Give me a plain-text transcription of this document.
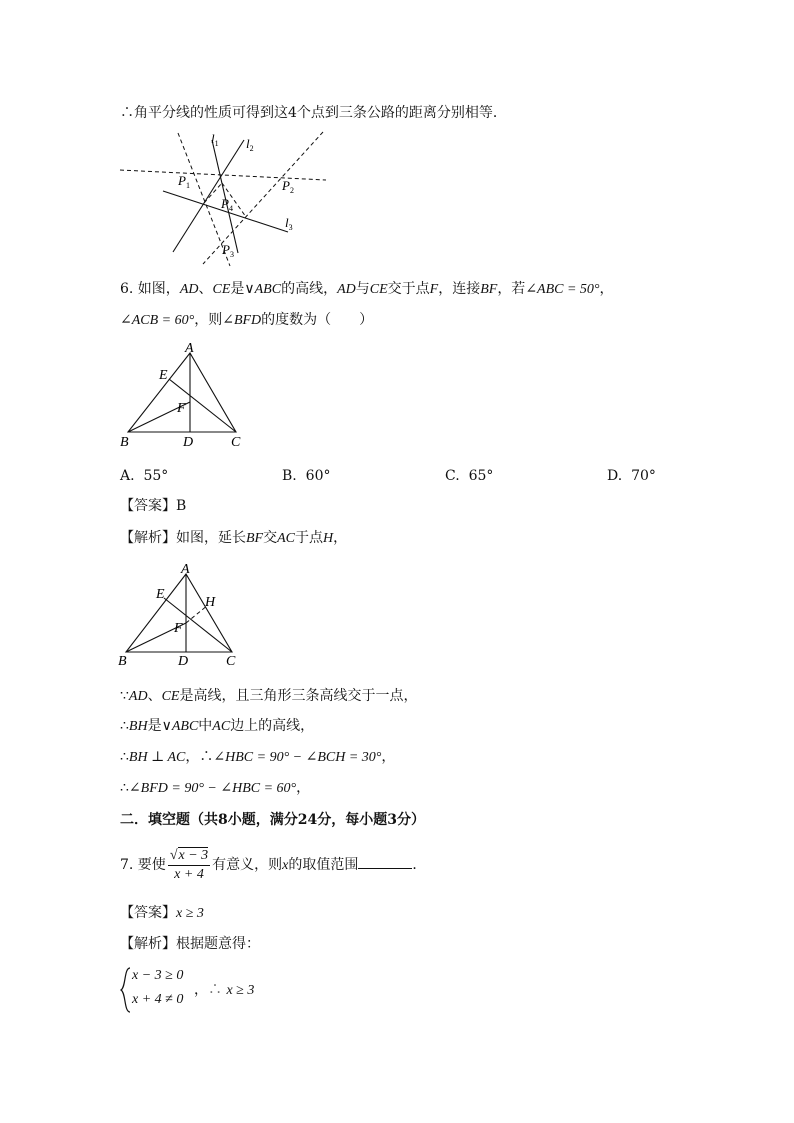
∴角平分线的性质可得到这4个点到三条公路的距离分别相等．
$l_1$ $l_2$
$l_3$
$P_1$	$P_2$
$P_3$
$P_4$
6. 如图，AD、CE是∨ABC的高线，AD与CE交于点F，连接BF，若∠ABC = 50°，
∠ACB = 60°，则∠BFD的度数为（　　）
A
B	C
D
E
F
A. 55°	B. 60°	C. 65°	D. 70°
【答案】B
【解析】如图，延长BF交AC于点H，
A
B	C
D
E
F
H
∵AD、CE是高线，且三角形三条高线交于一点，
∴BH是∨ABC中AC边上的高线，
∴BH ⊥ AC，∴∠HBC = 90° − ∠BCH = 30°，
∴∠BFD = 90° − ∠HBC = 60°，
二．填空题（共8小题，满分24分，每小题3分）
7. 要使 $\frac{√x - 3}{x + 4}$ 有意义，则x的取值范围	．
【答案】x ≥ 3
【解析】根据题意得：
x − 3 ≥ 0
x + 4 ≠ 0
，∴ x ≥ 3
